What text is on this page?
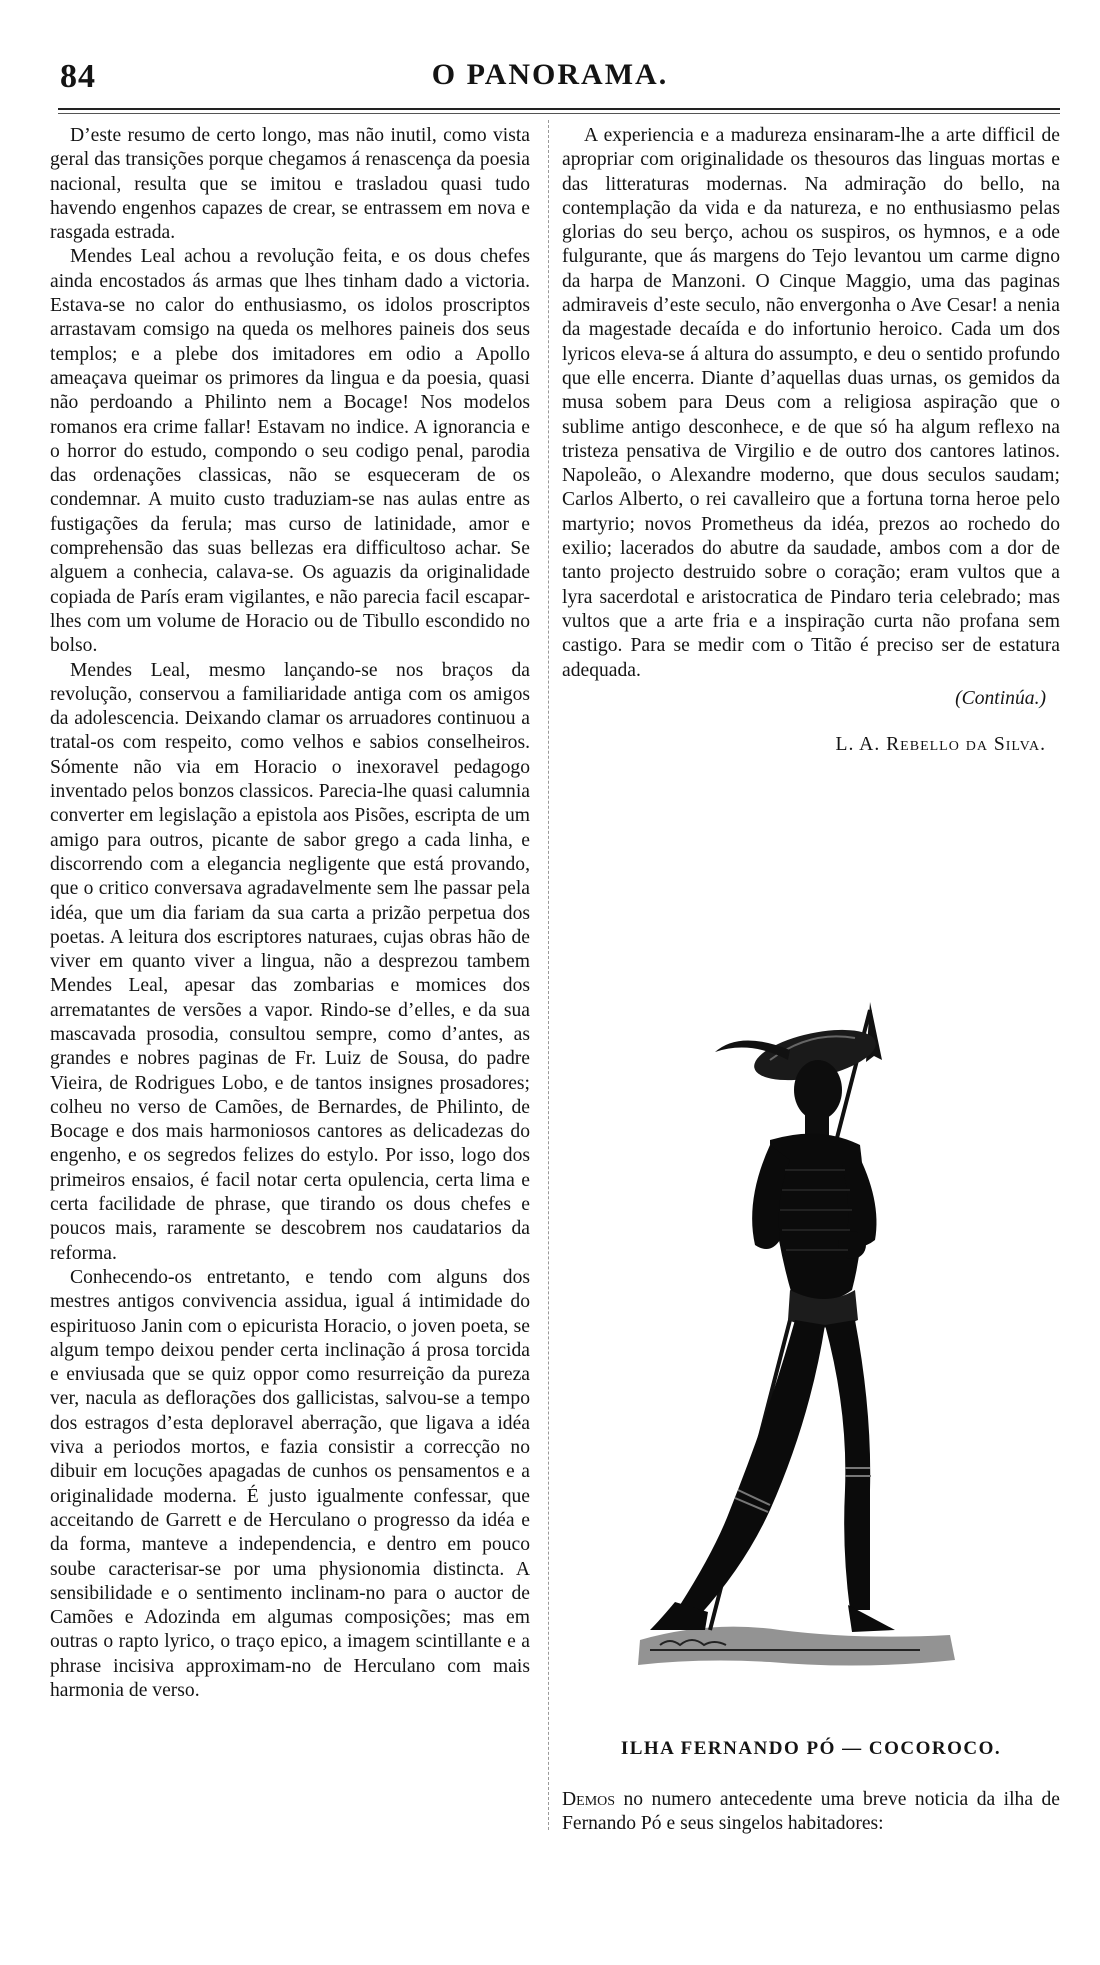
84	O PANORAMA.

D’este resumo de certo longo, mas não inutil, como vista geral das transições porque chegamos á renascença da poesia nacional, resulta que se imitou e trasladou quasi tudo havendo engenhos capazes de crear, se entrassem em nova e rasgada estrada.

Mendes Leal achou a revolução feita, e os dous chefes ainda encostados ás armas que lhes tinham dado a victoria. Estava-se no calor do enthusiasmo, os idolos proscriptos arrastavam comsigo na queda os melhores paineis dos seus templos; e a plebe dos imitadores em odio a Apollo ameaçava queimar os primores da lingua e da poesia, quasi não perdoando a Philinto nem a Bocage! Nos modelos romanos era crime fallar! Estavam no indice. A ignorancia e o horror do estudo, compondo o seu codigo penal, parodia das ordenações classicas, não se esqueceram de os condemnar. A muito custo traduziam-se nas aulas entre as fustigações da ferula; mas curso de latinidade, amor e comprehensão das suas bellezas era difficultoso achar. Se alguem a conhecia, calava-se. Os aguazis da originalidade copiada de París eram vigilantes, e não parecia facil escapar-lhes com um volume de Horacio ou de Tibullo escondido no bolso.

Mendes Leal, mesmo lançando-se nos braços da revolução, conservou a familiaridade antiga com os amigos da adolescencia. Deixando clamar os arruadores continuou a tratal-os com respeito, como velhos e sabios conselheiros. Sómente não via em Horacio o inexoravel pedagogo inventado pelos bonzos classicos. Parecia-lhe quasi calumnia converter em legislação a epistola aos Pisões, escripta de um amigo para outros, picante de sabor grego a cada linha, e discorrendo com a elegancia negligente que está provando, que o critico conversava agradavelmente sem lhe passar pela idéa, que um dia fariam da sua carta a prizão perpetua dos poetas. A leitura dos escriptores naturaes, cujas obras hão de viver em quanto viver a lingua, não a desprezou tambem Mendes Leal, apesar das zombarias e momices dos arrematantes de versões a vapor. Rindo-se d’elles, e da sua mascavada prosodia, consultou sempre, como d’antes, as grandes e nobres paginas de Fr. Luiz de Sousa, do padre Vieira, de Rodrigues Lobo, e de tantos insignes prosadores; colheu no verso de Camões, de Bernardes, de Philinto, de Bocage e dos mais harmoniosos cantores as delicadezas do engenho, e os segredos felizes do estylo. Por isso, logo dos primeiros ensaios, é facil notar certa opulencia, certa lima e certa facilidade de phrase, que tirando os dous chefes e poucos mais, raramente se descobrem nos caudatarios da reforma.

Conhecendo-os entretanto, e tendo com alguns dos mestres antigos convivencia assidua, igual á intimidade do espirituoso Janin com o epicurista Horacio, o joven poeta, se algum tempo deixou pender certa inclinação á prosa torcida e enviusada que se quiz oppor como resurreição da pureza ver, nacula as deflorações dos gallicistas, salvou-se a tempo dos estragos d’esta deploravel aberração, que ligava a idéa viva a periodos mortos, e fazia consistir a correcção no dibuir em locuções apagadas de cunhos os pensamentos e a originalidade moderna. É justo igualmente confessar, que acceitando de Garrett e de Herculano o progresso da idéa e da forma, manteve a independencia, e dentro em pouco soube caracterisar-se por uma physionomia distincta. A sensibilidade e o sentimento inclinam-no para o auctor de Camões e Adozinda em algumas composições; mas em outras o rapto lyrico, o traço epico, a imagem scintillante e a phrase incisiva approximam-no de Herculano com mais harmonia de verso.

A experiencia e a madureza ensinaram-lhe a arte difficil de apropriar com originalidade os thesouros das linguas mortas e das litteraturas modernas. Na admiração do bello, na contemplação da vida e da natureza, e no enthusiasmo pelas glorias do seu berço, achou os suspiros, os hymnos, e a ode fulgurante, que ás margens do Tejo levantou um carme digno da harpa de Manzoni. O Cinque Maggio, uma das paginas admiraveis d’este seculo, não envergonha o Ave Cesar! a nenia da magestade decaída e do infortunio heroico. Cada um dos lyricos eleva-se á altura do assumpto, e deu o sentido profundo que elle encerra. Diante d’aquellas duas urnas, os gemidos da musa sobem para Deus com a religiosa aspiração que o sublime antigo desconhece, e de que só ha algum reflexo na tristeza pensativa de Virgilio e de outro dos cantores latinos. Napoleão, o Alexandre moderno, que dous seculos saudam; Carlos Alberto, o rei cavalleiro que a fortuna torna heroe pelo martyrio; novos Prometheus da idéa, prezos ao rochedo do exilio; lacerados do abutre da saudade, ambos com a dor de tanto projecto destruido sobre o coração; eram vultos que a lyra sacerdotal e aristocratica de Pindaro teria celebrado; mas vultos que a arte fria e a inspiração curta não profana sem castigo. Para se medir com o Titão é preciso ser de estatura adequada.

(Continúa.)
L. A. Rebello da Silva.
ILHA FERNANDO PÓ — COCOROCO.

Demos no numero antecedente uma breve noticia da ilha de Fernando Pó e seus singelos habitadores:
